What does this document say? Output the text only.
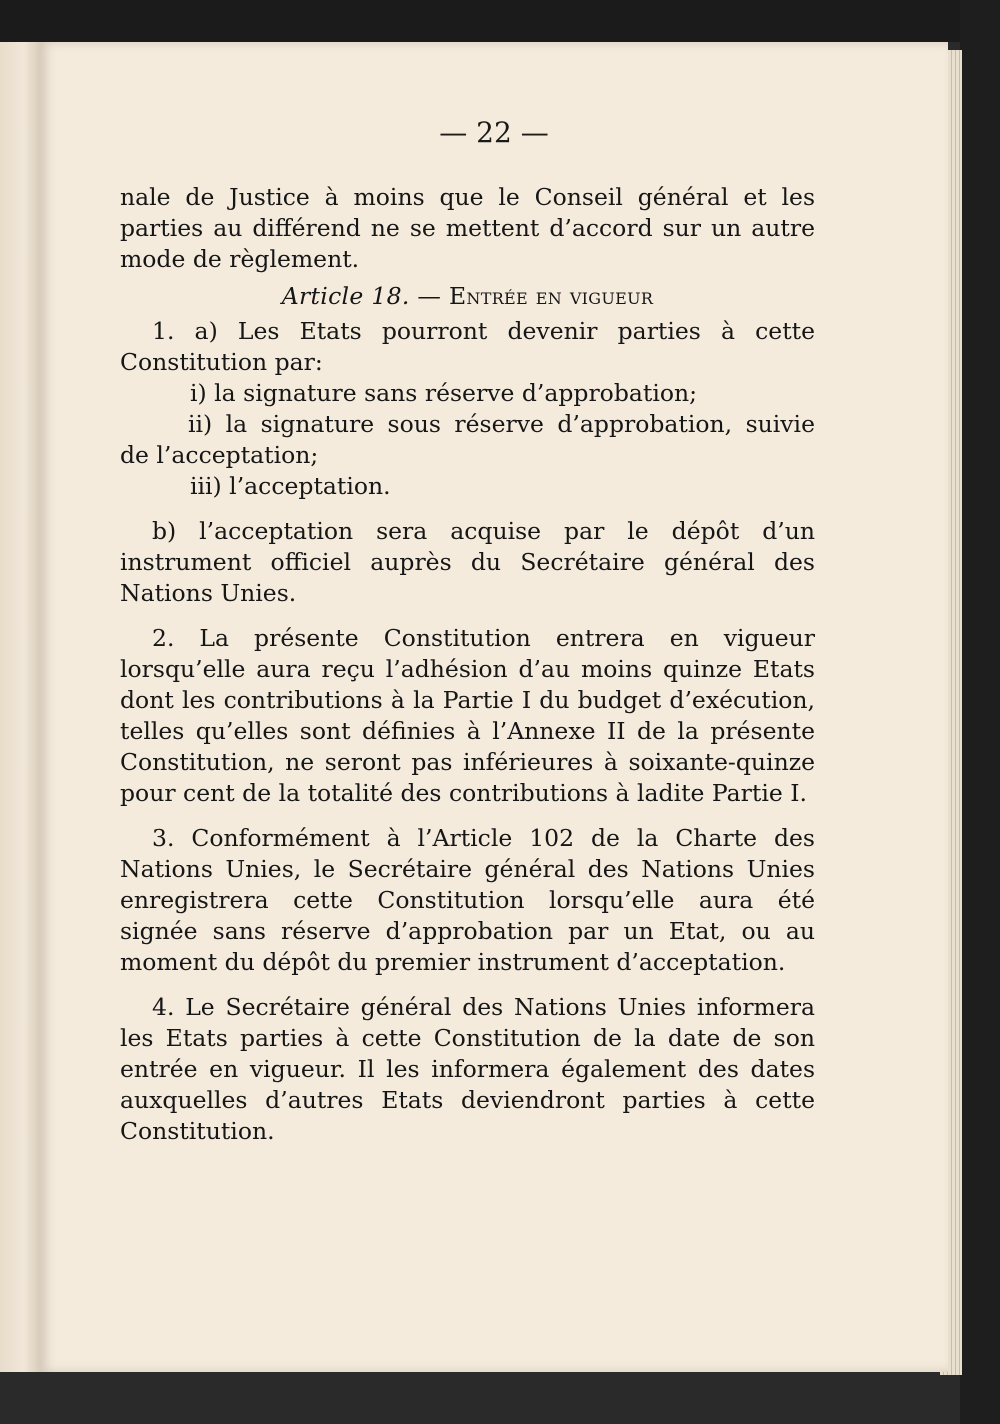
— 22 —

nale de Justice à moins que le Conseil général et les parties au différend ne se mettent d’accord sur un autre mode de règlement.

Article 18. — Entrée en vigueur

1. a) Les Etats pourront devenir parties à cette Constitution par:

i) la signature sans réserve d’approbation;

ii) la signature sous réserve d’approbation, suivie de l’acceptation;

iii) l’acceptation.

b) l’acceptation sera acquise par le dépôt d’un instrument officiel auprès du Secrétaire général des Nations Unies.

2. La présente Constitution entrera en vigueur lorsqu’elle aura reçu l’adhésion d’au moins quinze Etats dont les contributions à la Partie I du budget d’exécution, telles qu’elles sont définies à l’Annexe II de la présente Constitution, ne seront pas inférieures à soixante-quinze pour cent de la totalité des contributions à ladite Partie I.

3. Conformément à l’Article 102 de la Charte des Nations Unies, le Secrétaire général des Nations Unies enregistrera cette Constitution lorsqu’elle aura été signée sans réserve d’approbation par un Etat, ou au moment du dépôt du premier instrument d’acceptation.

4. Le Secrétaire général des Nations Unies informera les Etats parties à cette Constitution de la date de son entrée en vigueur. Il les informera également des dates auxquelles d’autres Etats deviendront parties à cette Constitution.
